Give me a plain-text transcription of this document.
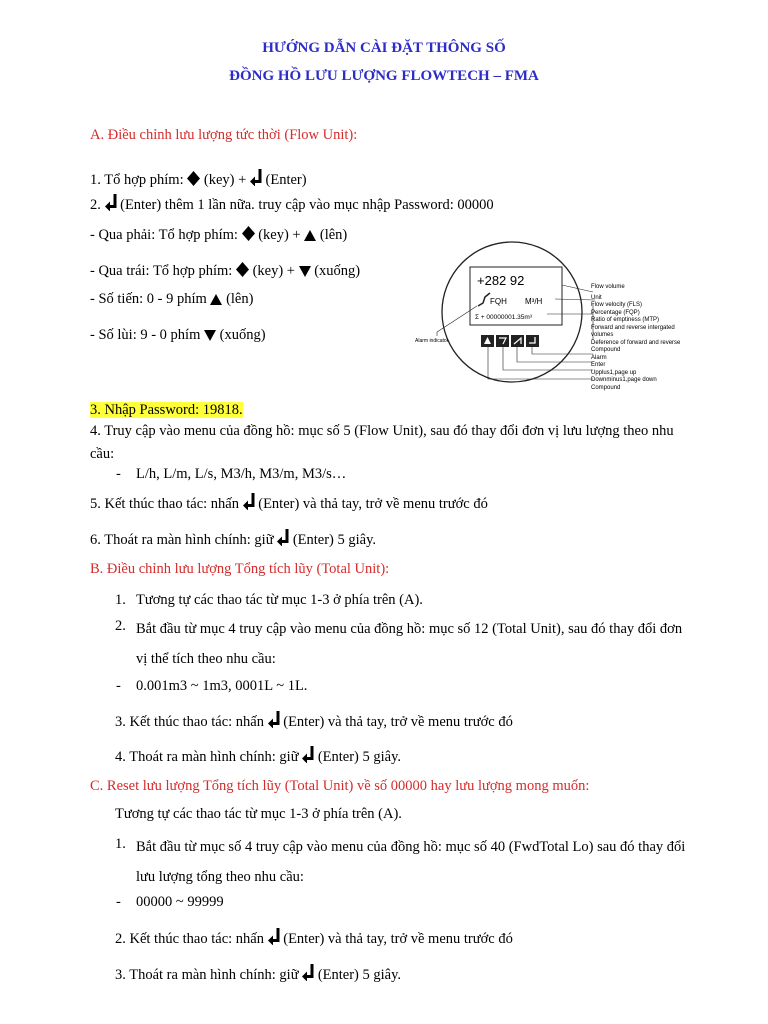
HƯỚNG DẪN CÀI ĐẶT THÔNG SỐ
ĐỒNG HỒ LƯU LƯỢNG FLOWTECH – FMA
A. Điều chỉnh lưu lượng tức thời (Flow Unit):
1. Tổ hợp phím: (key) + (Enter)
2. (Enter) thêm 1 lần nữa. truy cập vào mục nhập Password: 00000
- Qua phải: Tổ hợp phím: (key) + (lên)
- Qua trái: Tổ hợp phím: (key) + (xuống)
- Số tiến: 0 - 9 phím (lên)
- Số lùi: 9 - 0 phím (xuống)
+282 92
FQH M³/H
Σ + 00000001.35m³
Alarm indicator
Flow volume
Unit
Flow velocity (FLS)
Percentage (FQP)
Ratio of emptiness (MTP)
Forward and reverse intergated
volumes
Deference of forward and reverse
Compound
Alarm
Enter
Upplus1,page up
Downminus1,page down
Compound
3. Nhập Password: 19818.
4. Truy cập vào menu của đồng hồ: mục số 5 (Flow Unit), sau đó thay đổi đơn vị lưu lượng theo nhu cầu:
- L/h, L/m, L/s, M3/h, M3/m, M3/s…
5. Kết thúc thao tác: nhấn (Enter) và thả tay, trở về menu trước đó
6. Thoát ra màn hình chính: giữ (Enter) 5 giây.
B. Điều chỉnh lưu lượng Tổng tích lũy (Total Unit):
1. Tương tự các thao tác từ mục 1-3 ở phía trên (A).
2. Bắt đầu từ mục 4 truy cập vào menu của đồng hồ: mục số 12 (Total Unit), sau đó thay đổi đơn vị thể tích theo nhu cầu:
- 0.001m3 ~ 1m3, 0001L ~ 1L.
3. Kết thúc thao tác: nhấn (Enter) và thả tay, trở về menu trước đó
4. Thoát ra màn hình chính: giữ (Enter) 5 giây.
C. Reset lưu lượng Tổng tích lũy (Total Unit) về số 00000 hay lưu lượng mong muốn:
Tương tự các thao tác từ mục 1-3 ở phía trên (A).
1. Bắt đầu từ mục số 4 truy cập vào menu của đồng hồ: mục số 40 (FwdTotal Lo) sau đó thay đổi lưu lượng tổng theo nhu cầu:
- 00000 ~ 99999
2. Kết thúc thao tác: nhấn (Enter) và thả tay, trở về menu trước đó
3. Thoát ra màn hình chính: giữ (Enter) 5 giây.
